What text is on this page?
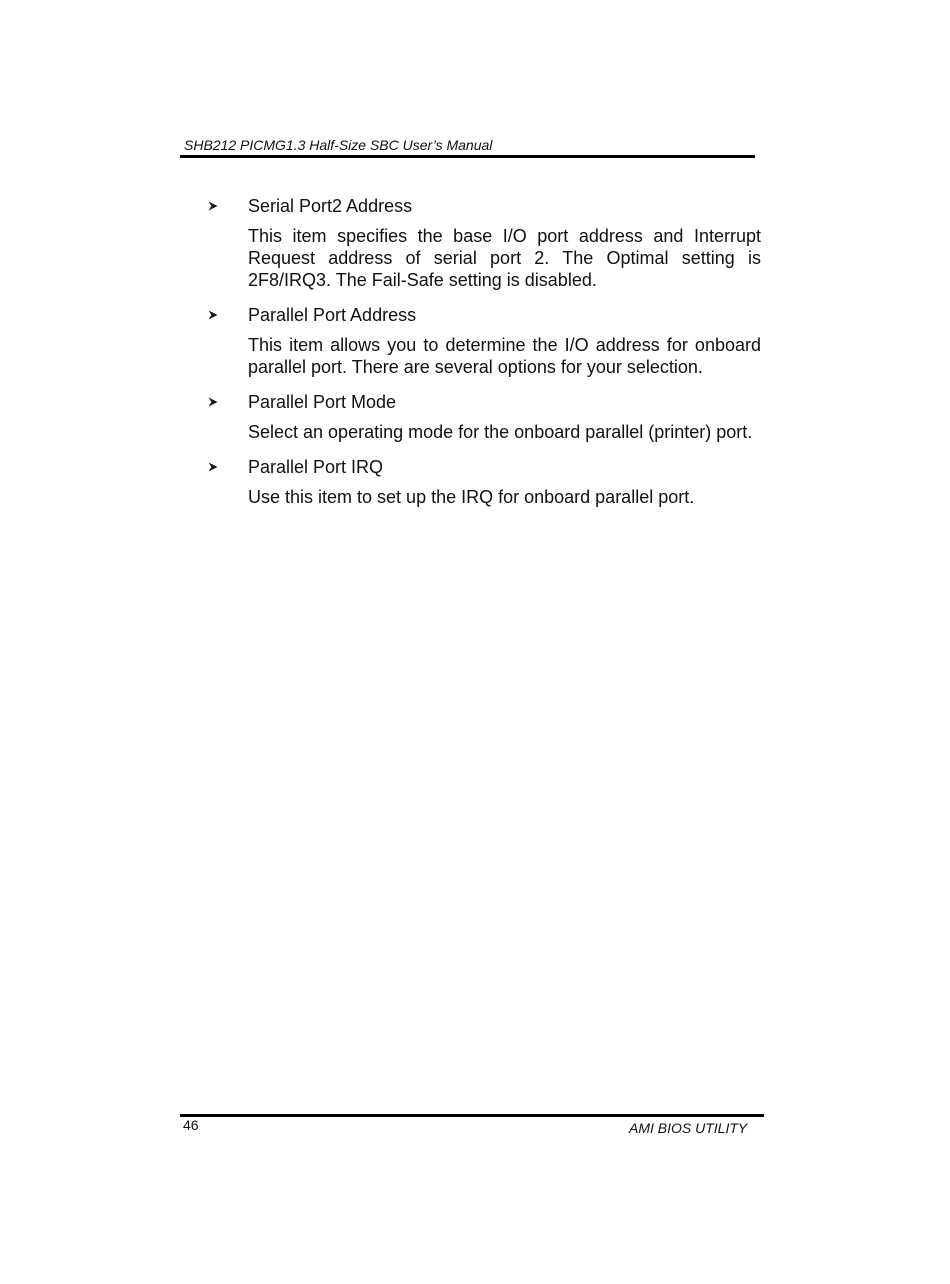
SHB212 PICMG1.3 Half-Size SBC User’s Manual
Serial Port2 Address
This item specifies the base I/O port address and Interrupt Request address of serial port 2. The Optimal setting is 2F8/IRQ3. The Fail-Safe setting is disabled.
Parallel Port Address
This item allows you to determine the I/O address for onboard parallel port. There are several options for your selection.
Parallel Port Mode
Select an operating mode for the onboard parallel (printer) port.
Parallel Port IRQ
Use this item to set up the IRQ for onboard parallel port.
46	AMI BIOS UTILITY
